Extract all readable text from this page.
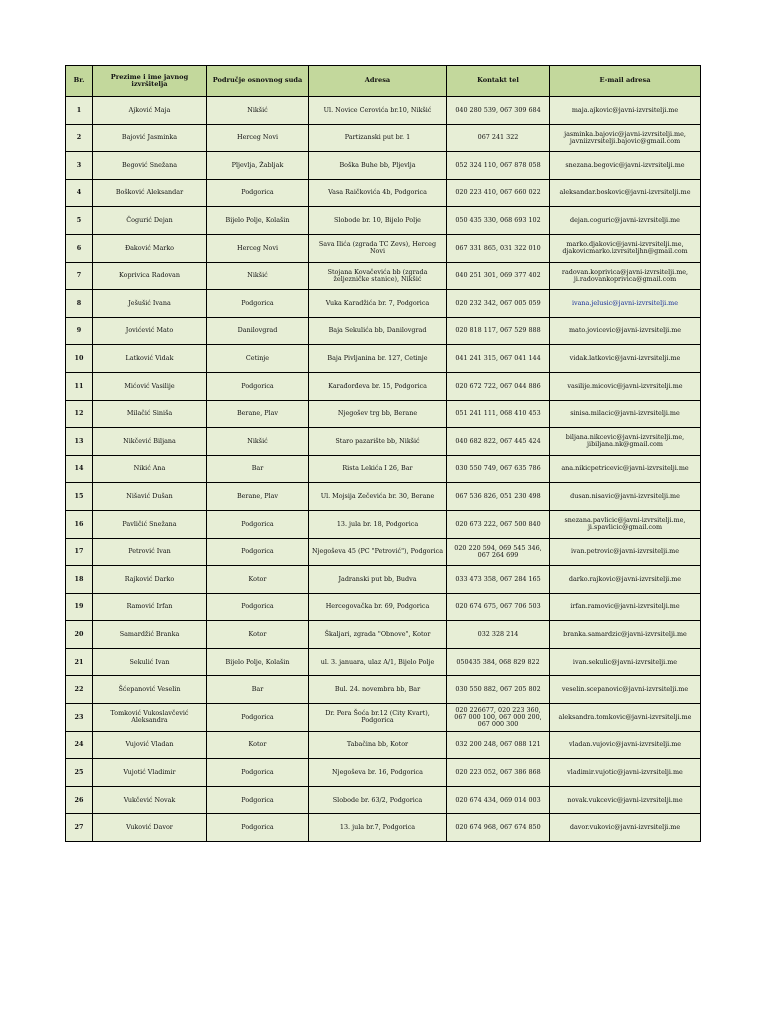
Br.	Prezime i ime javnog izvršitelja	Područje osnovnog suda	Adresa	Kontakt tel	E-mail adresa
1	Ajković Maja	Nikšić	Ul. Novice Cerovića br.10, Nikšić	040 280 539, 067 309 684	maja.ajkovic@javni-izvrsitelji.me
2	Bajović Jasminka	Herceg Novi	Partizanski put br. 1	067 241 322	jasminka.bajovic@javni-izvrsitelji.me, javniizvrsitelji.bajovic@gmail.com
3	Begović Snežana	Pljevlja, Žabljak	Boška Buhe bb, Pljevlja	052 324 110, 067 878 058	snezana.begovic@javni-izvrsitelji.me
4	Bošković Aleksandar	Podgorica	Vasa Raičkovića 4b, Podgorica	020 223 410, 067 660 022	aleksandar.boskovic@javni-izvrsitelji.me
5	Čogurić Dejan	Bijelo Polje, Kolašin	Slobode br. 10, Bijelo Polje	050 435 330, 068 693 102	dejan.coguric@javni-izvrsitelji.me
6	Đaković Marko	Herceg Novi	Sava Ilića (zgrada TC Zevs), Herceg Novi	067 331 865, 031 322 010	marko.djakovic@javni-izvrsitelji.me, djakovicmarko.izvrsiteljhn@gmail.com
7	Koprivica Radovan	Nikšić	Stojana Kovačevića bb (zgrada željezničke stanice), Nikšić	040 251 301, 069 377 402	radovan.koprivica@javni-izvrsitelji.me, ji.radovankoprivica@gmail.com
8	Ješušić Ivana	Podgorica	Vuka Karadžića br. 7, Podgorica	020 232 342, 067 005 059	ivana.jelusic@javni-izvrsitelji.me
9	Jovićević Mato	Danilovgrad	Baja Sekulića bb, Danilovgrad	020 818 117, 067 529 888	mato.jovicevic@javni-izvrsitelji.me
10	Latković Vidak	Cetinje	Baja Pivljanina br. 127, Cetinje	041 241 315, 067 041 144	vidak.latkovic@javni-izvrsitelji.me
11	Mićović Vasilije	Podgorica	Karađorđeva br. 15, Podgorica	020 672 722, 067 044 886	vasilije.micovic@javni-izvrsitelji.me
12	Milačić Siniša	Berane, Plav	Njegošev trg bb, Berane	051 241 111, 068 410 453	sinisa.milacic@javni-izvrsitelji.me
13	Nikčević Biljana	Nikšić	Staro pazarište bb, Nikšić	040 682 822, 067 445 424	biljana.nikcevic@javni-izvrsitelji.me, jibiljana.nk@gmail.com
14	Nikić Ana	Bar	Rista Lekića I 26, Bar	030 550 749, 067 635 786	ana.nikicpetricevic@javni-izvrsitelji.me
15	Nišavić Dušan	Berane, Plav	Ul. Mojsija Zečevića br. 30, Berane	067 536 826, 051 230 498	dusan.nisavic@javni-izvrsitelji.me
16	Pavličić Snežana	Podgorica	13. jula br. 18, Podgorica	020 673 222, 067 500 840	snezana.pavlicic@javni-izvrsitelji.me, ji.spavlicic@gmail.com
17	Petrović Ivan	Podgorica	Njegoševa 45 (PC "Petrović"), Podgorica	020 220 594, 069 545 346, 067 264 699	ivan.petrovic@javni-izvrsitelji.me
18	Rajković Darko	Kotor	Jadranski put bb, Budva	033 473 358, 067 284 165	darko.rajkovic@javni-izvrsitelji.me
19	Ramović Irfan	Podgorica	Hercegovačka br. 69, Podgorica	020 674 675, 067 706 503	irfan.ramovic@javni-izvrsitelji.me
20	Samardžić Branka	Kotor	Škaljari, zgrada "Obnove", Kotor	032 328 214	branka.samardzic@javni-izvrsitelji.me
21	Sekulić Ivan	Bijelo Polje, Kolašin	ul. 3. januara, ulaz A/1, Bijelo Polje	050435 384, 068 829 822	ivan.sekulic@javni-izvrsitelji.me
22	Šćepanović Veselin	Bar	Bul. 24. novembra bb, Bar	030 550 882, 067 205 802	veselin.scepanovic@javni-izvrsitelji.me
23	Tomković Vukoslavčević Aleksandra	Podgorica	Dr. Pera Šoća br.12 (City Kvart), Podgorica	020 226677, 020 223 360, 067 000 100, 067 000 200, 067 000 300	aleksandra.tomkovic@javni-izvrsitelji.me
24	Vujović Vladan	Kotor	Tabačina bb, Kotor	032 200 248, 067 088 121	vladan.vujovic@javni-izvrsitelji.me
25	Vujotić Vladimir	Podgorica	Njegoševa br. 16, Podgorica	020 223 052, 067 386 868	vladimir.vujotic@javni-izvrsitelji.me
26	Vukčević Novak	Podgorica	Slobode br. 63/2, Podgorica	020 674 434, 069 014 003	novak.vukcevic@javni-izvrsitelji.me
27	Vuković Davor	Podgorica	13. jula br.7, Podgorica	020 674 968, 067 674 850	davor.vukovic@javni-izvrsitelji.me
